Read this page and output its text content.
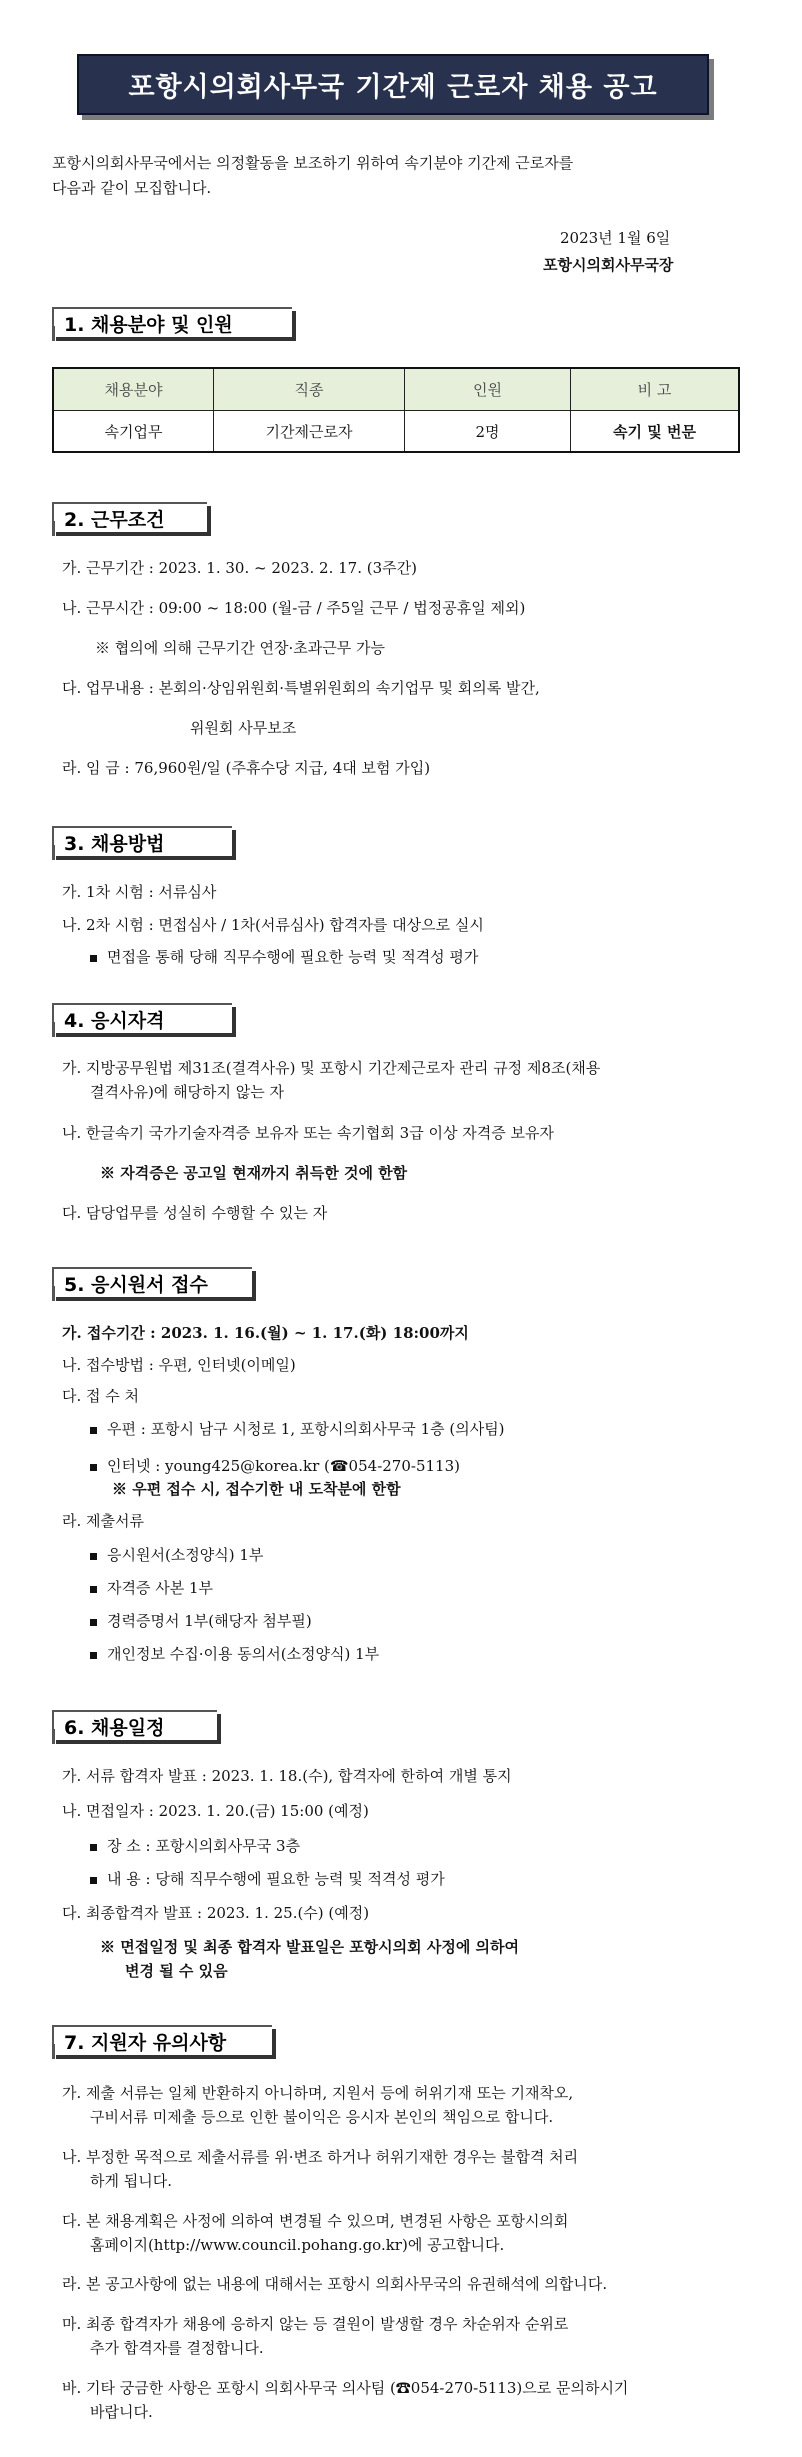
포항시의회사무국 기간제 근로자 채용 공고
포항시의회사무국에서는 의정활동을 보조하기 위하여 속기분야 기간제 근로자를
다음과 같이 모집합니다.
2023년 1월 6일
포항시의회사무국장
1. 채용분야 및 인원
채용분야	직종	인원	비 고
속기업무	기간제근로자	2명	속기 및 번문
2. 근무조건
가. 근무기간 : 2023. 1. 30. ~ 2023. 2. 17. (3주간)
나. 근무시간 : 09:00 ~ 18:00 (월-금 / 주5일 근무 / 법정공휴일 제외)
※ 협의에 의해 근무기간 연장·초과근무 가능
다. 업무내용 : 본회의·상임위원회·특별위원회의 속기업무 및 회의록 발간,
위원회 사무보조
라. 임 금 : 76,960원/일 (주휴수당 지급, 4대 보험 가입)
3. 채용방법
가. 1차 시험 : 서류심사
나. 2차 시험 : 면접심사 / 1차(서류심사) 합격자를 대상으로 실시
면접을 통해 당해 직무수행에 필요한 능력 및 적격성 평가
4. 응시자격
가. 지방공무원법 제31조(결격사유) 및 포항시 기간제근로자 관리 규정 제8조(채용
결격사유)에 해당하지 않는 자
나. 한글속기 국가기술자격증 보유자 또는 속기협회 3급 이상 자격증 보유자
※ 자격증은 공고일 현재까지 취득한 것에 한함
다. 담당업무를 성실히 수행할 수 있는 자
5. 응시원서 접수
가. 접수기간 : 2023. 1. 16.(월) ~ 1. 17.(화) 18:00까지
나. 접수방법 : 우편, 인터넷(이메일)
다. 접 수 처
우편 : 포항시 남구 시청로 1, 포항시의회사무국 1층 (의사팀)
인터넷 : young425@korea.kr (☎054-270-5113)
※ 우편 접수 시, 접수기한 내 도착분에 한함
라. 제출서류
응시원서(소정양식) 1부
자격증 사본 1부
경력증명서 1부(해당자 첨부필)
개인정보 수집·이용 동의서(소정양식) 1부
6. 채용일정
가. 서류 합격자 발표 : 2023. 1. 18.(수), 합격자에 한하여 개별 통지
나. 면접일자 : 2023. 1. 20.(금) 15:00 (예정)
장 소 : 포항시의회사무국 3층
내 용 : 당해 직무수행에 필요한 능력 및 적격성 평가
다. 최종합격자 발표 : 2023. 1. 25.(수) (예정)
※ 면접일정 및 최종 합격자 발표일은 포항시의회 사정에 의하여
변경 될 수 있음
7. 지원자 유의사항
가. 제출 서류는 일체 반환하지 아니하며, 지원서 등에 허위기재 또는 기재착오,
구비서류 미제출 등으로 인한 불이익은 응시자 본인의 책임으로 합니다.
나. 부정한 목적으로 제출서류를 위·변조 하거나 허위기재한 경우는 불합격 처리
하게 됩니다.
다. 본 채용계획은 사정에 의하여 변경될 수 있으며, 변경된 사항은 포항시의회
홈페이지(http://www.council.pohang.go.kr)에 공고합니다.
라. 본 공고사항에 없는 내용에 대해서는 포항시 의회사무국의 유권해석에 의합니다.
마. 최종 합격자가 채용에 응하지 않는 등 결원이 발생할 경우 차순위자 순위로
추가 합격자를 결정합니다.
바. 기타 궁금한 사항은 포항시 의회사무국 의사팀 (☎054-270-5113)으로 문의하시기
바랍니다.
